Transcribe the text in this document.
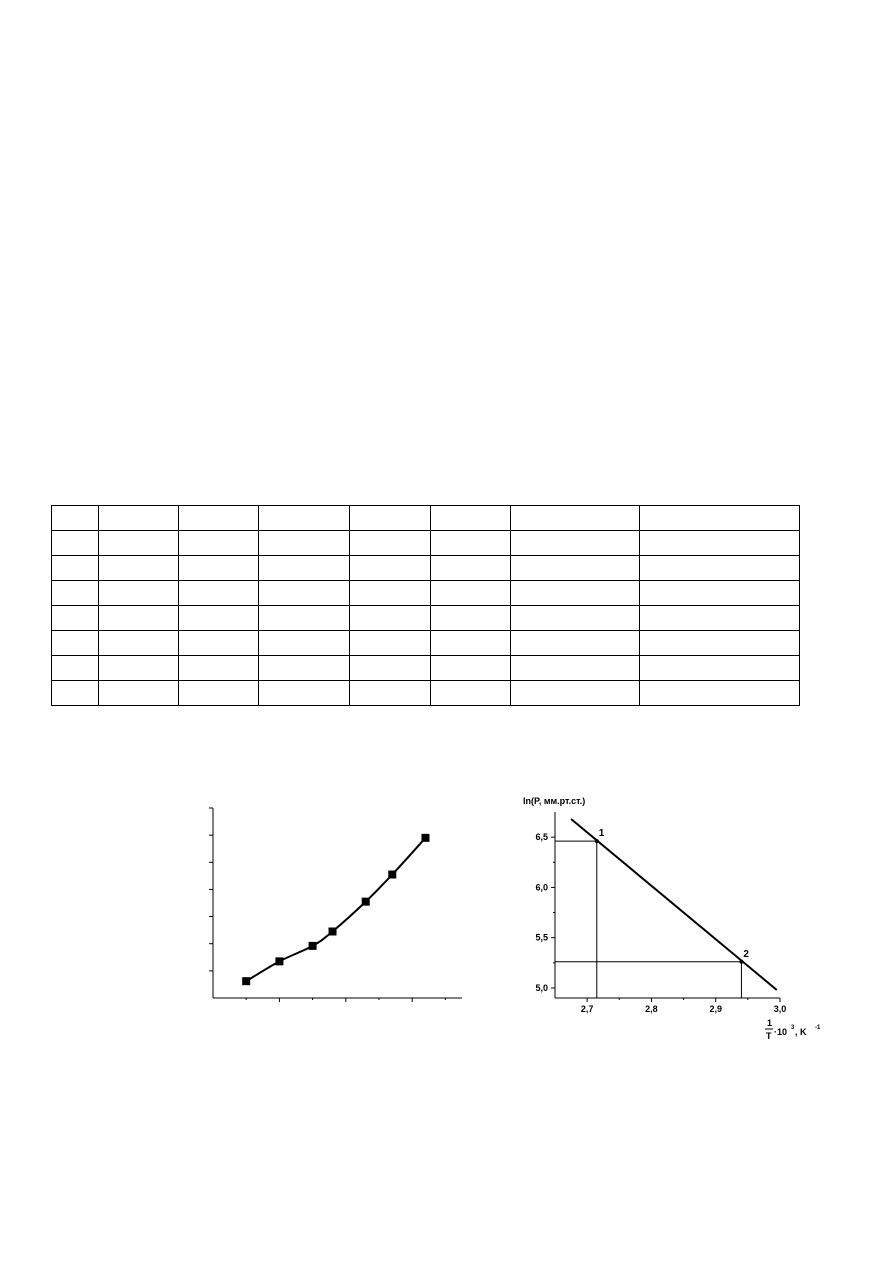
ln(P, мм.рт.ст.)
2,7	2,8	2,9	3,0
5,0
5,5
6,0
6,5	1
2
1
T ·10 3 , K -1
